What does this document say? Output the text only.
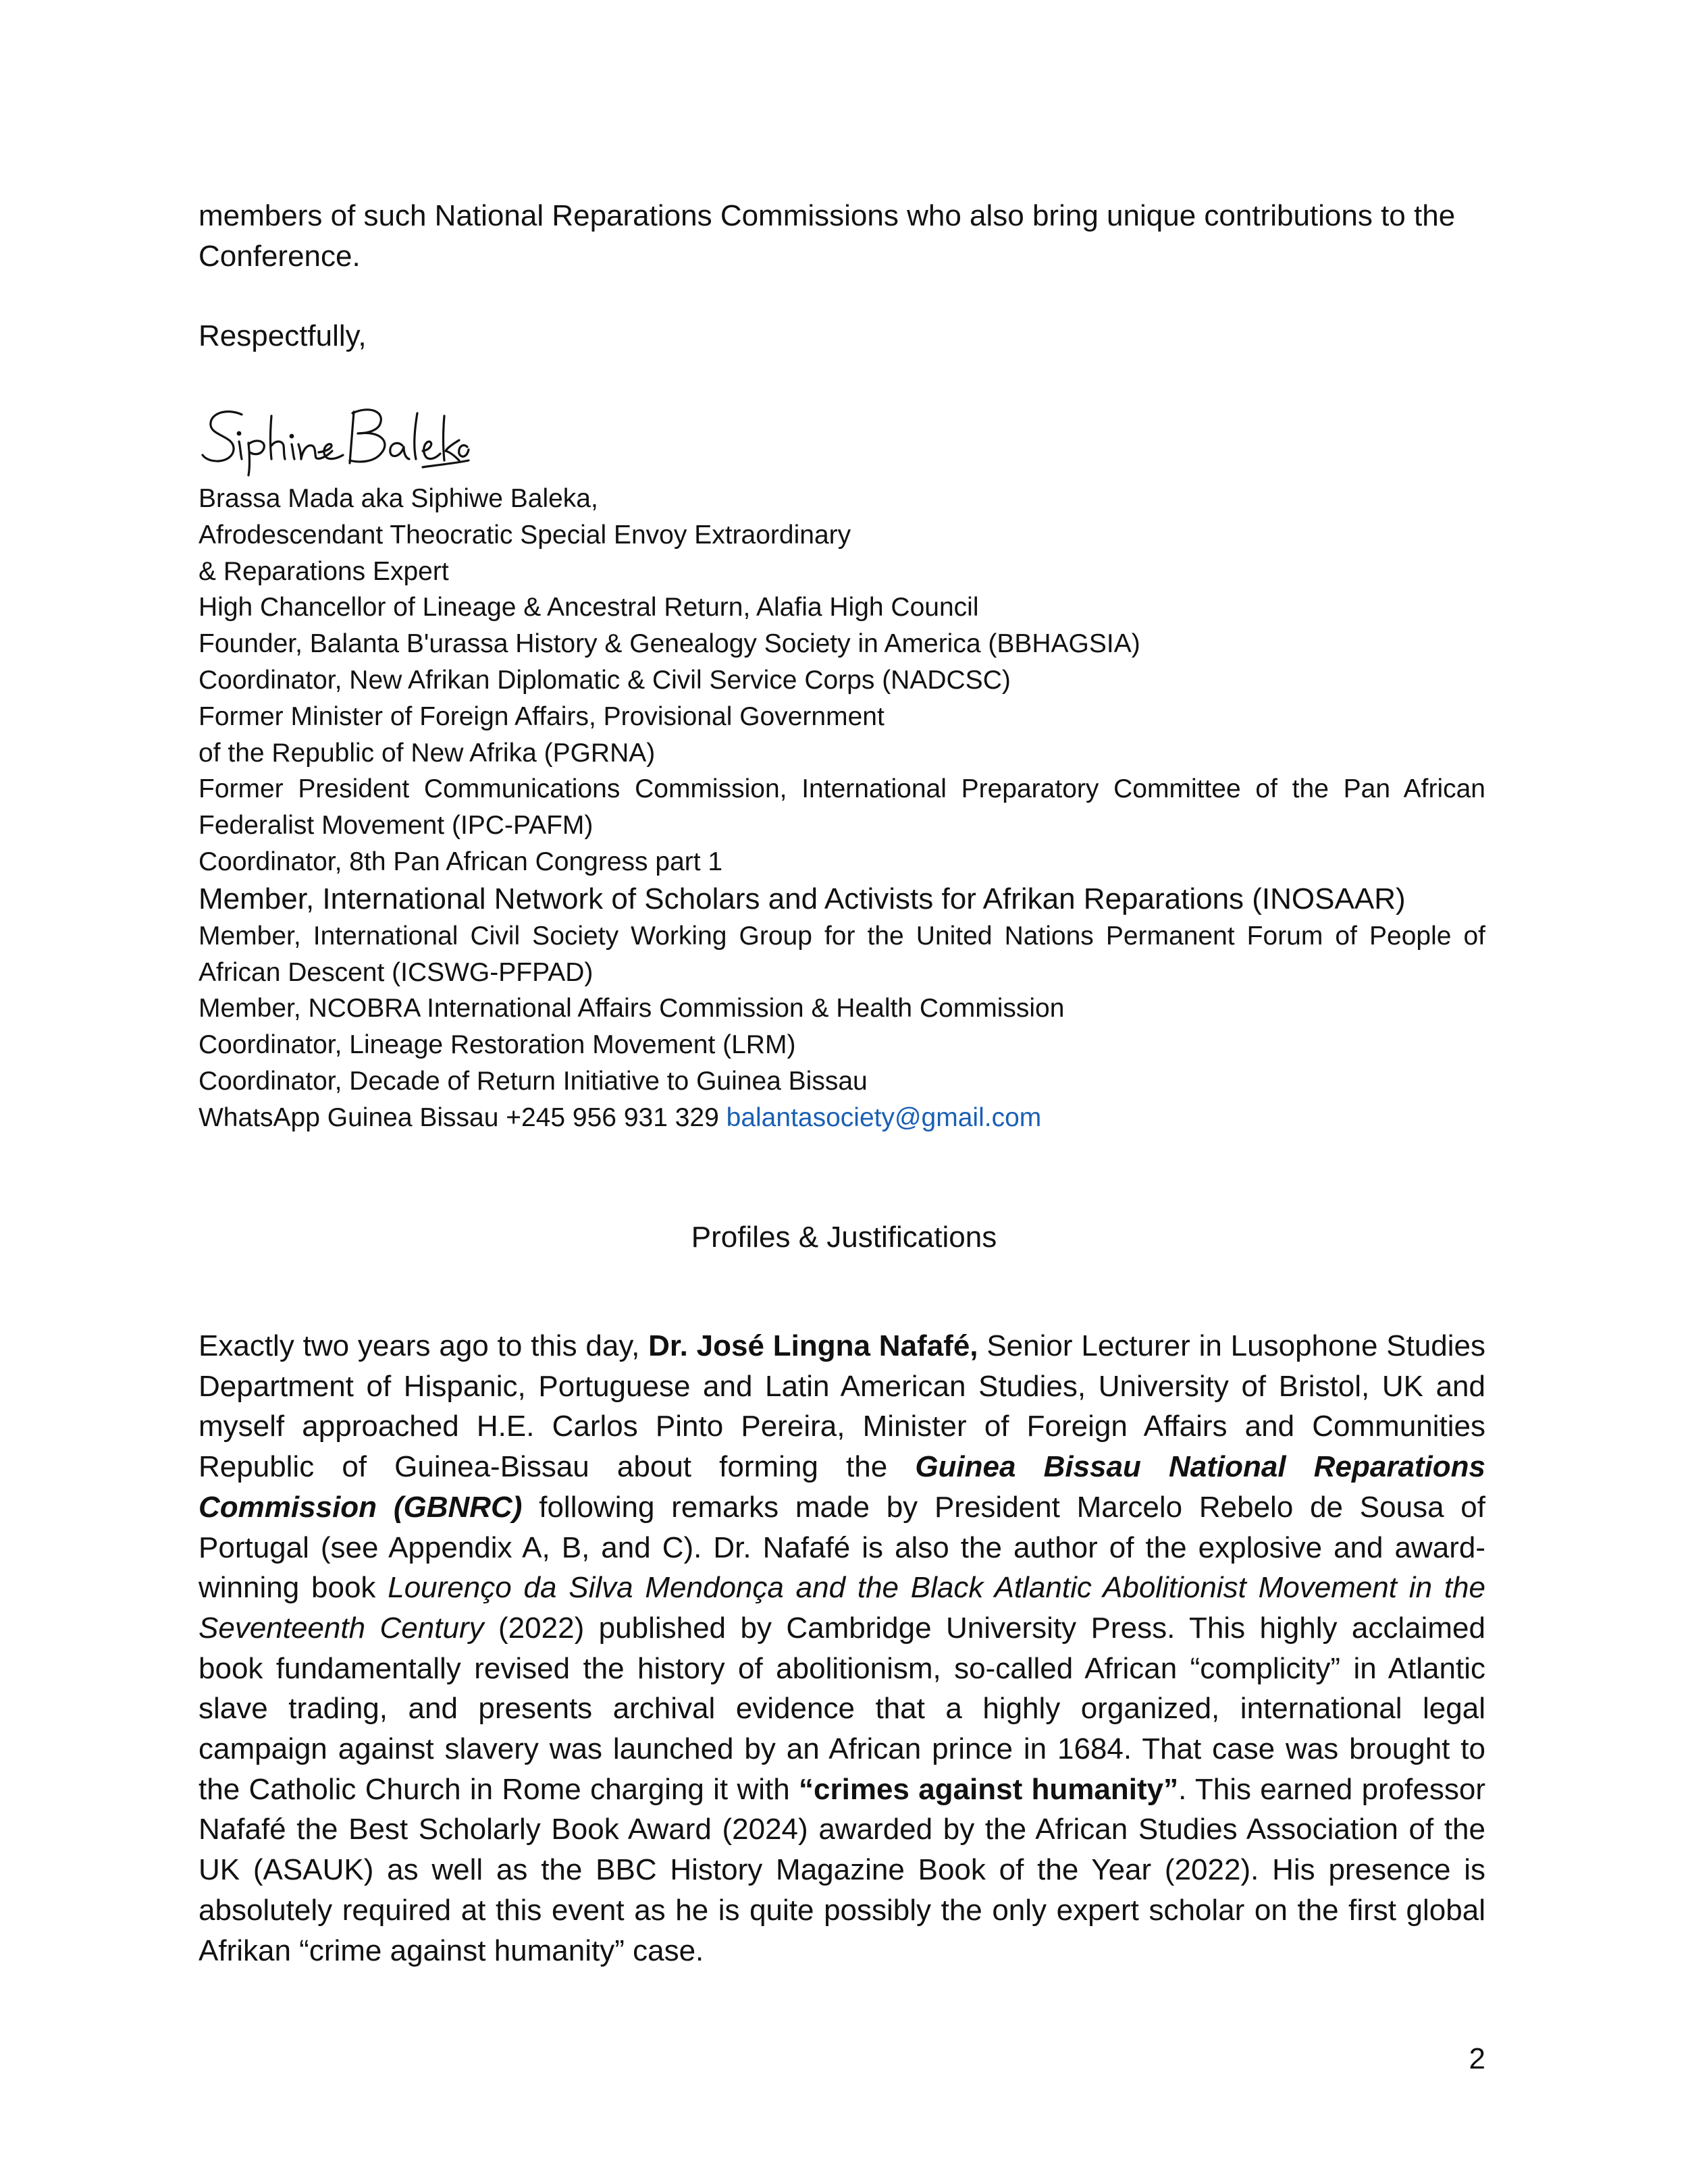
members of such National Reparations Commissions who also bring unique contributions to the Conference.

Respectfully,

Brassa Mada aka Siphiwe Baleka,
Afrodescendant Theocratic Special Envoy Extraordinary
& Reparations Expert
High Chancellor of Lineage & Ancestral Return, Alafia High Council
Founder, Balanta B'urassa History & Genealogy Society in America (BBHAGSIA)
Coordinator, New Afrikan Diplomatic & Civil Service Corps (NADCSC)
Former Minister of Foreign Affairs, Provisional Government
of the Republic of New Afrika (PGRNA)
Former President Communications Commission, International Preparatory Committee of the Pan African Federalist Movement (IPC-PAFM)
Coordinator, 8th Pan African Congress part 1
Member, International Network of Scholars and Activists for Afrikan Reparations (INOSAAR)
Member, International Civil Society Working Group for the United Nations Permanent Forum of People of African Descent (ICSWG-PFPAD)
Member, NCOBRA International Affairs Commission & Health Commission
Coordinator, Lineage Restoration Movement (LRM)
Coordinator, Decade of Return Initiative to Guinea Bissau
WhatsApp Guinea Bissau +245 956 931 329 balantasociety@gmail.com
Profiles & Justifications

Exactly two years ago to this day, Dr. José Lingna Nafafé, Senior Lecturer in Lusophone Studies Department of Hispanic, Portuguese and Latin American Studies, University of Bristol, UK and myself approached H.E. Carlos Pinto Pereira, Minister of Foreign Affairs and Communities Republic of Guinea-Bissau about forming the Guinea Bissau National Reparations Commission (GBNRC) following remarks made by President Marcelo Rebelo de Sousa of Portugal (see Appendix A, B, and C). Dr. Nafafé is also the author of the explosive and award-winning book Lourenço da Silva Mendonça and the Black Atlantic Abolitionist Movement in the Seventeenth Century (2022) published by Cambridge University Press. This highly acclaimed book fundamentally revised the history of abolitionism, so-called African “complicity” in Atlantic slave trading, and presents archival evidence that a highly organized, international legal campaign against slavery was launched by an African prince in 1684. That case was brought to the Catholic Church in Rome charging it with “crimes against humanity”. This earned professor Nafafé the Best Scholarly Book Award (2024) awarded by the African Studies Association of the UK (ASAUK) as well as the BBC History Magazine Book of the Year (2022). His presence is absolutely required at this event as he is quite possibly the only expert scholar on the first global Afrikan “crime against humanity” case.

2
